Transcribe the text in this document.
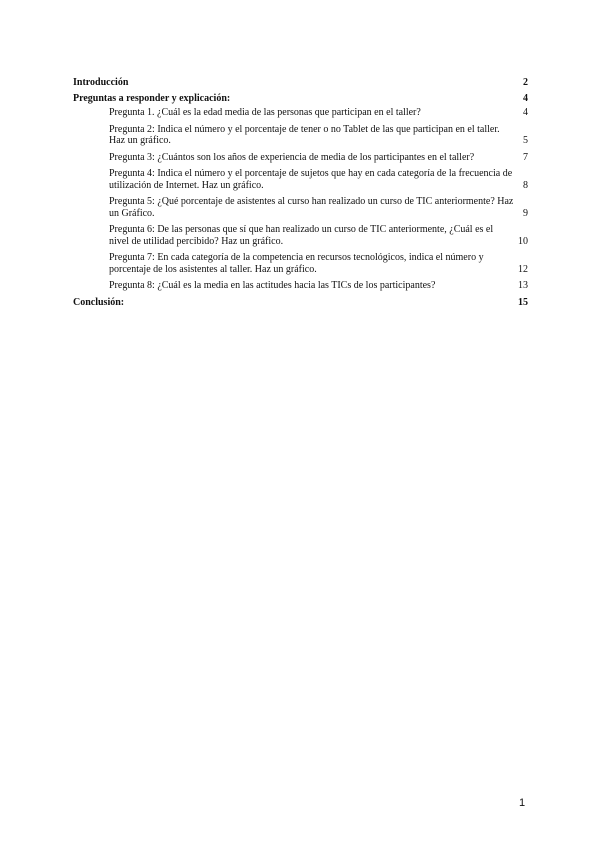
Introducción	2
Preguntas a responder y explicación:	4
Pregunta 1. ¿Cuál es la edad media de las personas que participan en el taller?	4
Pregunta 2: Indica el número y el porcentaje de tener o no Tablet de las que participan en el taller. Haz un gráfico.	5
Pregunta 3: ¿Cuántos son los años de experiencia de media de los participantes en el taller?	7
Pregunta 4: Indica el número y el porcentaje de sujetos que hay en cada categoría de la frecuencia de utilización de Internet. Haz un gráfico.	8
Pregunta 5: ¿Qué porcentaje de asistentes al curso han realizado un curso de TIC anteriormente? Haz un Gráfico.	9
Pregunta 6: De las personas que sí que han realizado un curso de TIC anteriormente, ¿Cuál es el nivel de utilidad percibido? Haz un gráfico.	10
Pregunta 7: En cada categoría de la competencia en recursos tecnológicos, indica el número y porcentaje de los asistentes al taller. Haz un gráfico.	12
Pregunta 8: ¿Cuál es la media en las actitudes hacia las TICs de los participantes?	13
Conclusión:	15
1
